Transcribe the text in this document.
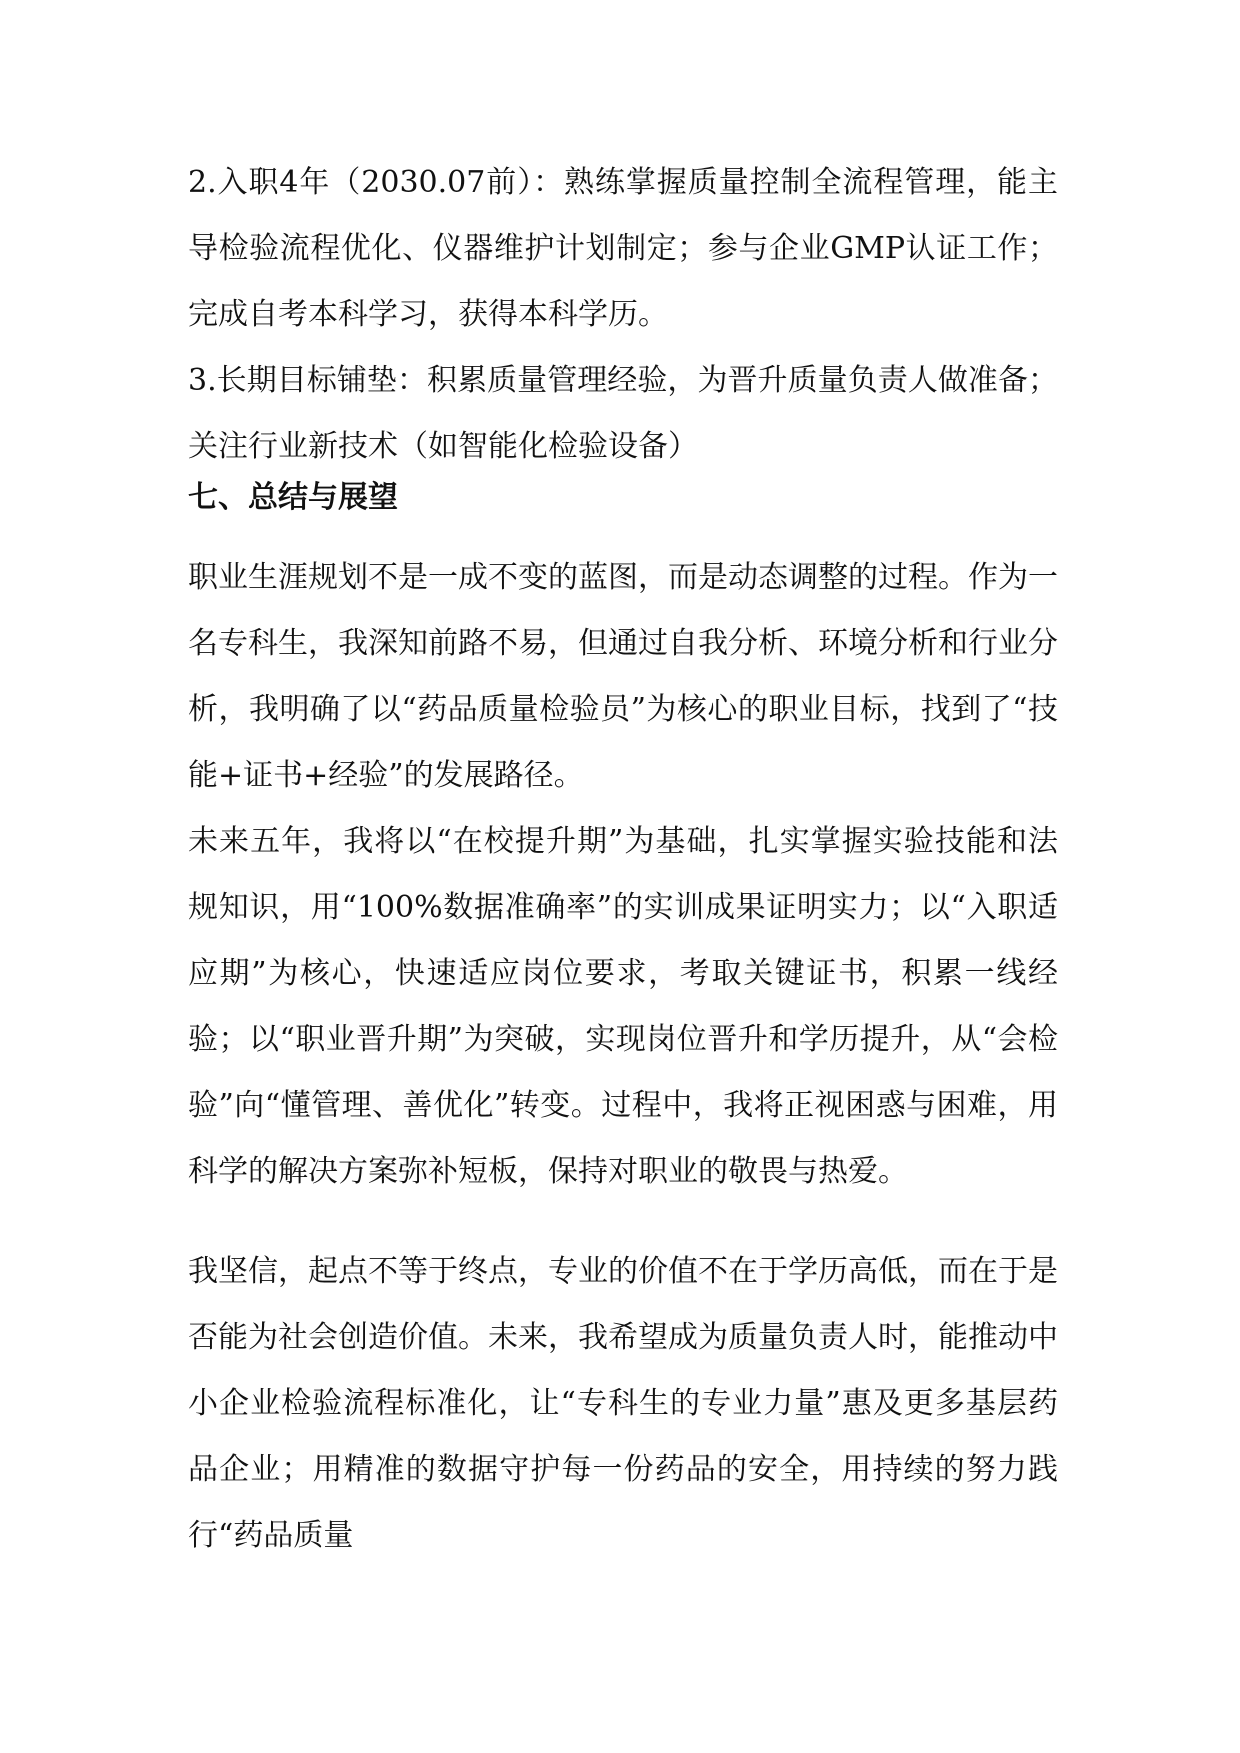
2.入职4年（2030.07前）：熟练掌握质量控制全流程管理，能主导检验流程优化、仪器维护计划制定；参与企业GMP认证工作；完成自考本科学习，获得本科学历。

3.长期目标铺垫：积累质量管理经验，为晋升质量负责人做准备；关注行业新技术（如智能化检验设备）

七、总结与展望

职业生涯规划不是一成不变的蓝图，而是动态调整的过程。作为一名专科生，我深知前路不易，但通过自我分析、环境分析和行业分析，我明确了以“药品质量检验员”为核心的职业目标，找到了“技能+证书+经验”的发展路径。

未来五年，我将以“在校提升期”为基础，扎实掌握实验技能和法规知识，用“100%数据准确率”的实训成果证明实力；以“入职适应期”为核心，快速适应岗位要求，考取关键证书，积累一线经验；以“职业晋升期”为突破，实现岗位晋升和学历提升，从“会检验”向“懂管理、善优化”转变。过程中，我将正视困惑与困难，用科学的解决方案弥补短板，保持对职业的敬畏与热爱。

我坚信，起点不等于终点，专业的价值不在于学历高低，而在于是否能为社会创造价值。未来，我希望成为质量负责人时，能推动中小企业检验流程标准化，让“专科生的专业力量”惠及更多基层药品企业；用精准的数据守护每一份药品的安全，用持续的努力践行“药品质量
